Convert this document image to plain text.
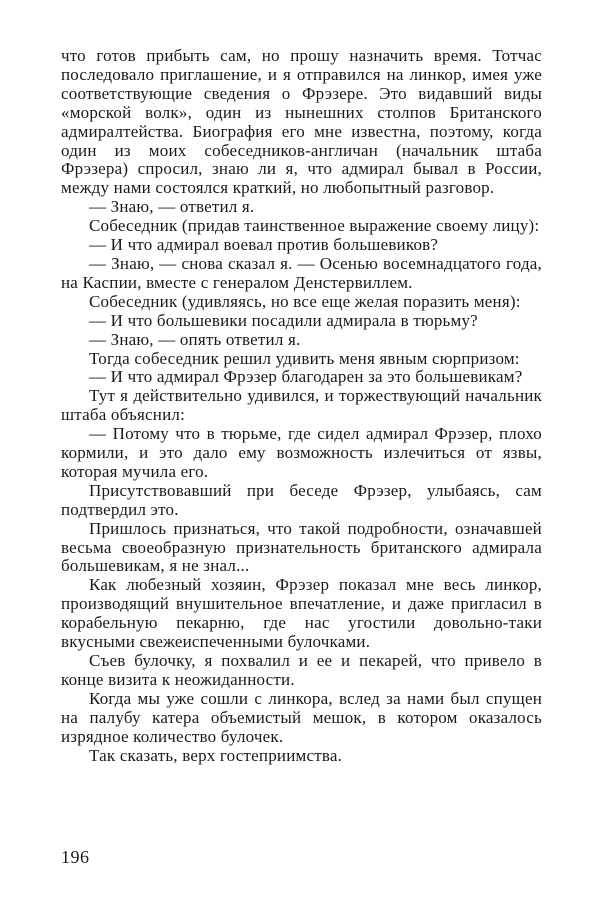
что готов прибыть сам, но прошу назначить время. Тотчас последовало приглашение, и я отправился на линкор, имея уже соответствующие сведения о Фрэзере. Это видавший виды «морской волк», один из нынешних столпов Британского адмиралтейства. Биография его мне известна, поэтому, когда один из моих собеседников-англичан (начальник штаба Фрэзера) спросил, знаю ли я, что адмирал бывал в России, между нами состоялся краткий, но любопытный разговор.

— Знаю, — ответил я.

Собеседник (придав таинственное выражение своему лицу):

— И что адмирал воевал против большевиков?

— Знаю, — снова сказал я. — Осенью восемнадцатого года, на Каспии, вместе с генералом Денстервиллем.

Собеседник (удивляясь, но все еще желая поразить меня):

— И что большевики посадили адмирала в тюрьму?

— Знаю, — опять ответил я.

Тогда собеседник решил удивить меня явным сюрпризом:

— И что адмирал Фрэзер благодарен за это большевикам?

Тут я действительно удивился, и торжествующий начальник штаба объяснил:

— Потому что в тюрьме, где сидел адмирал Фрэзер, плохо кормили, и это дало ему возможность излечиться от язвы, которая мучила его.

Присутствовавший при беседе Фрэзер, улыбаясь, сам подтвердил это.

Пришлось признаться, что такой подробности, означавшей весьма своеобразную признательность британского адмирала большевикам, я не знал...

Как любезный хозяин, Фрэзер показал мне весь линкор, производящий внушительное впечатление, и даже пригласил в корабельную пекарню, где нас угостили довольно-таки вкусными свежеиспеченными булочками.

Съев булочку, я похвалил и ее и пекарей, что привело в конце визита к неожиданности.

Когда мы уже сошли с линкора, вслед за нами был спущен на палубу катера объемистый мешок, в котором оказалось изрядное количество булочек.

Так сказать, верх гостеприимства.

196
